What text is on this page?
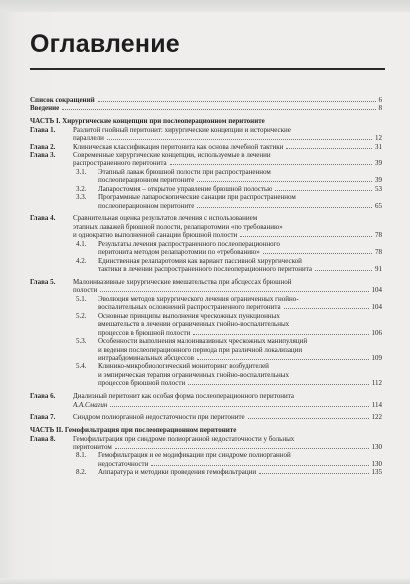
Оглавление
Список сокращений	6
Введение	8
ЧАСТЬ I. Хирургические концепции при послеоперационном перитоните
Глава 1.	Разлитой гнойный перитонит: хирургические концепции и исторические
параллели	12
Глава 2.	Клиническая классификация перитонита как основа лечебной тактики	31
Глава 3.	Современные хирургические концепции, используемые в лечении
распространенного перитонита	39
3.1. Этапный лаваж брюшной полости при распространенном
послеоперационном перитоните	39
3.2. Лапаростомия – открытое управление брюшной полостью	53
3.3. Программные лапароскопические санации при распространенном
послеоперационном перитоните	65
Глава 4.	Сравнительная оценка результатов лечения с использованием
этапных лаважей брюшной полости, релапаротомии «по требованию»
и однократно выполненной санации брюшной полости	78
4.1. Результаты лечения распространенного послеоперационного
перитонита методом релапаротомии по «требованию»	78
4.2. Единственная релапаротомия как вариант пассивной хирургической
тактики в лечении распространенного послеоперационного перитонита	91
Глава 5.	Малоинвазивные хирургические вмешательства при абсцессах брюшной
полости	104
5.1. Эволюция методов хирургического лечения ограниченных гнойно-
воспалительных осложнений распространенного перитонита	104
5.2. Основные принципы выполнения чрескожных пункционных
вмешательств в лечении ограниченных гнойно-воспалительных
процессов в брюшной полости	106
5.3. Особенности выполнения малоинвазивных чрескожных манипуляций
и ведения послеоперационного периода при различной локализации
интраабдоминальных абсцессов	109
5.4. Клинико-микробиологический мониторинг возбудителей
и эмпирическая терапия ограниченных гнойно-воспалительных
процессов брюшной полости	112
Глава 6.	Диализный перитонит как особая форма послеоперационного перитонита
А.А.Смагин	114
Глава 7.	Синдром полиорганной недостаточности при перитоните	122
ЧАСТЬ II. Гемофильтрация при послеоперационном перитоните
Глава 8.	Гемофильтрация при синдроме полиорганной недостаточности у больных
перитонитом	130
8.1. Гемофильтрация и ее модификации при синдроме полиорганной
недостаточности	130
8.2. Аппаратура и методики проведения гемофильтрации	135
